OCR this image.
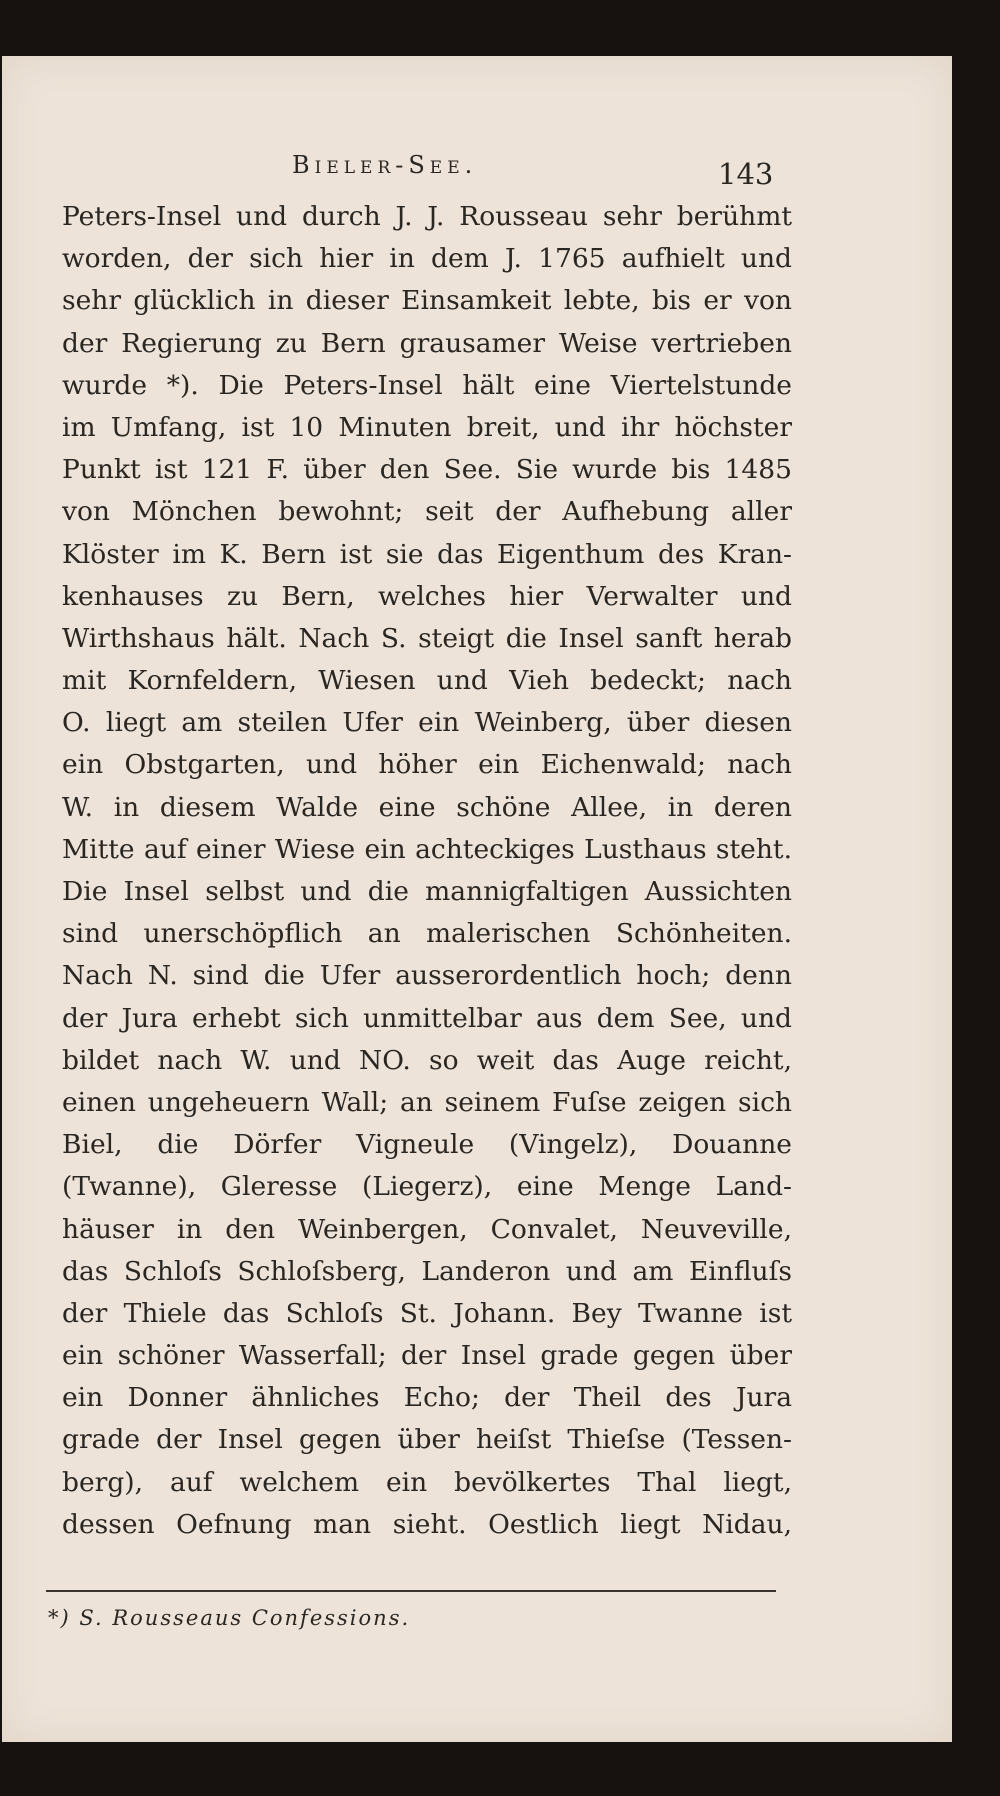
Bieler-See.	143
Peters-Insel und durch J. J. Rousseau sehr berühmt
worden, der sich hier in dem J. 1765 aufhielt und
sehr glücklich in dieser Einsamkeit lebte, bis er von
der Regierung zu Bern grausamer Weise vertrieben
wurde *). Die Peters-Insel hält eine Viertelstunde
im Umfang, ist 10 Minuten breit, und ihr höchster
Punkt ist 121 F. über den See. Sie wurde bis 1485
von Mönchen bewohnt; seit der Aufhebung aller
Klöster im K. Bern ist sie das Eigenthum des Kran-
kenhauses zu Bern, welches hier Verwalter und
Wirthshaus hält. Nach S. steigt die Insel sanft herab
mit Kornfeldern, Wiesen und Vieh bedeckt; nach
O. liegt am steilen Ufer ein Weinberg, über diesen
ein Obstgarten, und höher ein Eichenwald; nach
W. in diesem Walde eine schöne Allee, in deren
Mitte auf einer Wiese ein achteckiges Lusthaus steht.
Die Insel selbst und die mannigfaltigen Aussichten
sind unerschöpflich an malerischen Schönheiten.
Nach N. sind die Ufer ausserordentlich hoch; denn
der Jura erhebt sich unmittelbar aus dem See, und
bildet nach W. und NO. so weit das Auge reicht,
einen ungeheuern Wall; an seinem Fuſse zeigen sich
Biel, die Dörfer Vigneule (Vingelz), Douanne
(Twanne), Gleresse (Liegerz), eine Menge Land-
häuser in den Weinbergen, Convalet, Neuveville,
das Schloſs Schloſsberg, Landeron und am Einfluſs
der Thiele das Schloſs St. Johann. Bey Twanne ist
ein schöner Wasserfall; der Insel grade gegen über
ein Donner ähnliches Echo; der Theil des Jura
grade der Insel gegen über heiſst Thieſse (Tessen-
berg), auf welchem ein bevölkertes Thal liegt,
dessen Oefnung man sieht. Oestlich liegt Nidau,
*) S. Rousseaus Confessions.
